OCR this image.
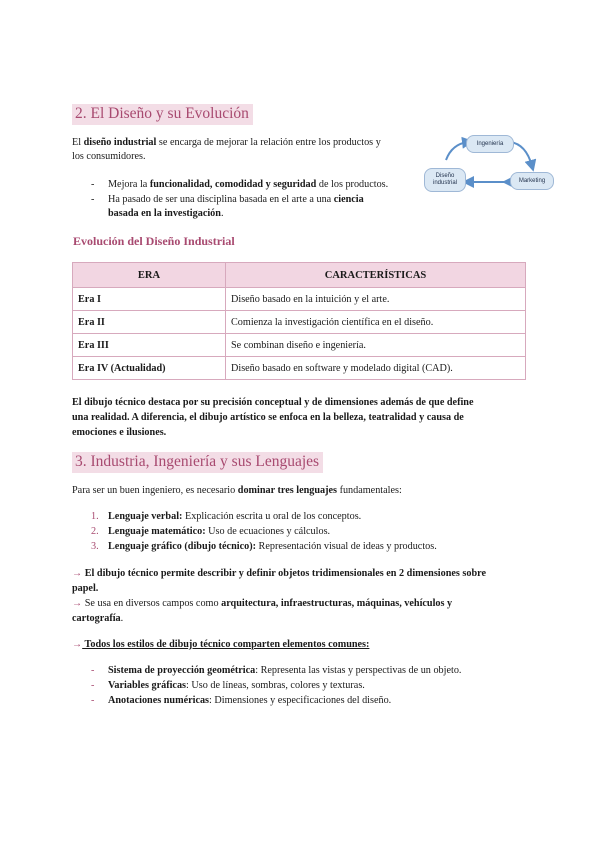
2. El Diseño y su Evolución
El diseño industrial se encarga de mejorar la relación entre los productos y
los consumidores.
- Mejora la funcionalidad, comodidad y seguridad de los productos.
- Ha pasado de ser una disciplina basada en el arte a una ciencia
basada en la investigación.
Ingeniería
Diseño industrial	Marketing
Evolución del Diseño Industrial
ERA	CARACTERÍSTICAS
Era I	Diseño basado en la intuición y el arte.
Era II	Comienza la investigación científica en el diseño.
Era III	Se combinan diseño e ingeniería.
Era IV (Actualidad)	Diseño basado en software y modelado digital (CAD).
El dibujo técnico destaca por su precisión conceptual y de dimensiones además de que define
una realidad. A diferencia, el dibujo artístico se enfoca en la belleza, teatralidad y causa de
emociones e ilusiones.
3. Industria, Ingeniería y sus Lenguajes
Para ser un buen ingeniero, es necesario dominar tres lenguajes fundamentales:
1. Lenguaje verbal: Explicación escrita u oral de los conceptos.
2. Lenguaje matemático: Uso de ecuaciones y cálculos.
3. Lenguaje gráfico (dibujo técnico): Representación visual de ideas y productos.
→ El dibujo técnico permite describir y definir objetos tridimensionales en 2 dimensiones sobre
papel.
→ Se usa en diversos campos como arquitectura, infraestructuras, máquinas, vehículos y
cartografía.
→ Todos los estilos de dibujo técnico comparten elementos comunes:
- Sistema de proyección geométrica: Representa las vistas y perspectivas de un objeto.
- Variables gráficas: Uso de líneas, sombras, colores y texturas.
- Anotaciones numéricas: Dimensiones y especificaciones del diseño.
